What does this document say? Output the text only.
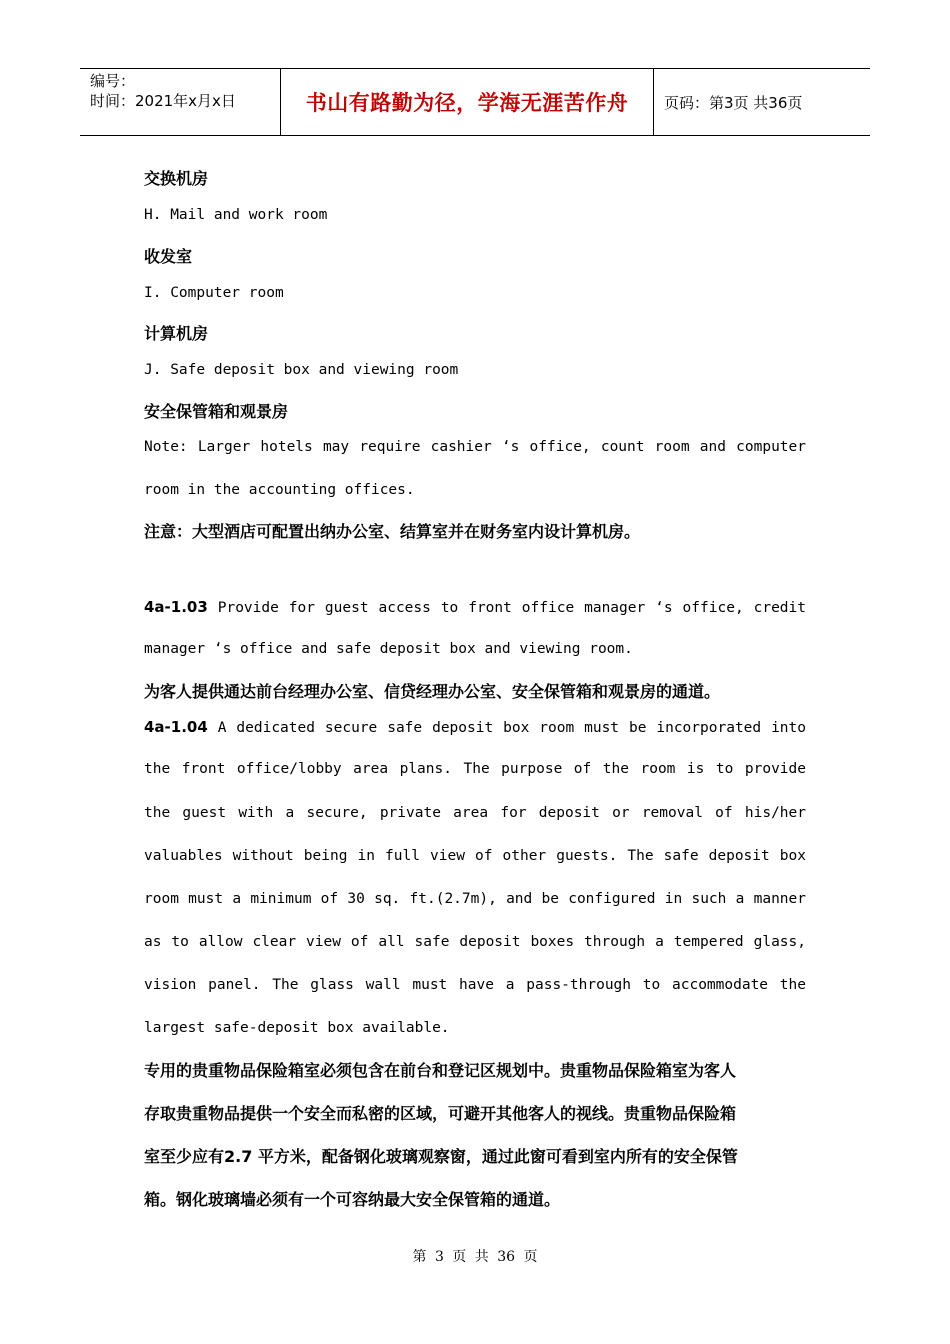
编号：
时间：2021年x月x日	书山有路勤为径，学海无涯苦作舟	页码：第3页 共36页
交换机房
H. Mail and work room
收发室
I. Computer room
计算机房
J. Safe deposit box and viewing room
安全保管箱和观景房
Note: Larger hotels may require cashier ‘s office, count room and computer
room in the accounting offices.
注意：大型酒店可配置出纳办公室、结算室并在财务室内设计算机房。
4a-1.03 Provide for guest access to front office manager ‘s office, credit
manager ‘s office and safe deposit box and viewing room.
为客人提供通达前台经理办公室、信贷经理办公室、安全保管箱和观景房的通道。
4a-1.04 A dedicated secure safe deposit box room must be incorporated into
the front office/lobby area plans. The purpose of the room is to provide
the guest with a secure, private area for deposit or removal of his/her
valuables without being in full view of other guests. The safe deposit box
room must a minimum of 30 sq. ft.(2.7m), and be configured in such a manner
as to allow clear view of all safe deposit boxes through a tempered glass,
vision panel. The glass wall must have a pass-through to accommodate the
largest safe-deposit box available.
专用的贵重物品保险箱室必须包含在前台和登记区规划中。贵重物品保险箱室为客人
存取贵重物品提供一个安全而私密的区域，可避开其他客人的视线。贵重物品保险箱
室至少应有2.7 平方米，配备钢化玻璃观察窗，通过此窗可看到室内所有的安全保管
箱。钢化玻璃墙必须有一个可容纳最大安全保管箱的通道。
第 3 页 共 36 页
